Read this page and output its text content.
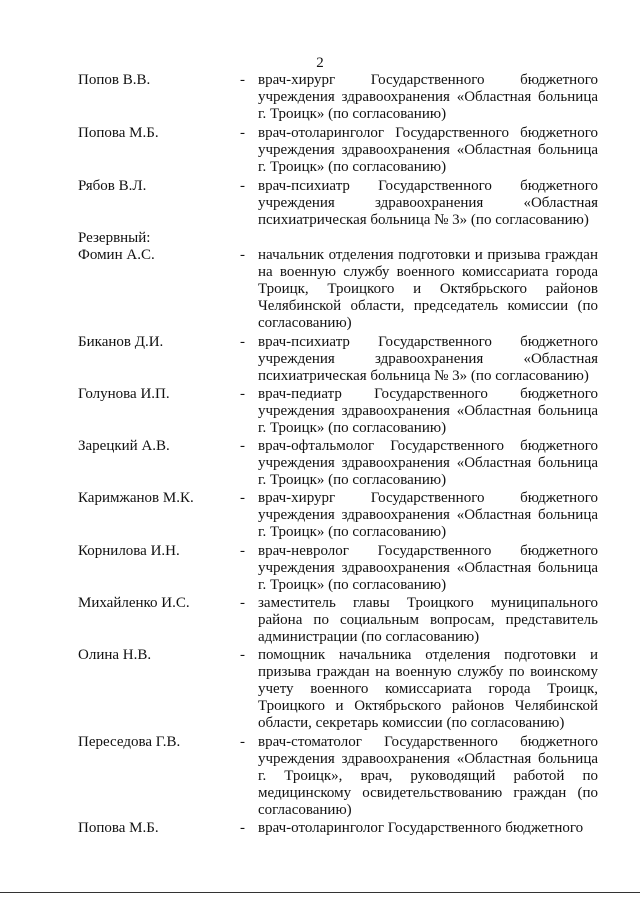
2
Попов В.В.	- врач-хирург Государственного бюджетного учреждения здравоохранения «Областная больница г. Троицк» (по согласованию)
Попова М.Б.	- врач-отоларинголог Государственного бюджетного учреждения здравоохранения «Областная больница г. Троицк» (по согласованию)
Рябов В.Л.	- врач-психиатр Государственного бюджетного учреждения здравоохранения «Областная психиатрическая больница № 3» (по согласованию)
Резервный:
Фомин А.С.	- начальник отделения подготовки и призыва граждан на военную службу военного комиссариата города Троицк, Троицкого и Октябрьского районов Челябинской области, председатель комиссии (по согласованию)
Биканов Д.И.	- врач-психиатр Государственного бюджетного учреждения здравоохранения «Областная психиатрическая больница № 3» (по согласованию)
Голунова И.П.	- врач-педиатр Государственного бюджетного учреждения здравоохранения «Областная больница г. Троицк» (по согласованию)
Зарецкий А.В.	- врач-офтальмолог Государственного бюджетного учреждения здравоохранения «Областная больница г. Троицк» (по согласованию)
Каримжанов М.К.	- врач-хирург Государственного бюджетного учреждения здравоохранения «Областная больница г. Троицк» (по согласованию)
Корнилова И.Н.	- врач-невролог Государственного бюджетного учреждения здравоохранения «Областная больница г. Троицк» (по согласованию)
Михайленко И.С.	- заместитель главы Троицкого муниципального района по социальным вопросам, представитель администрации (по согласованию)
Олина Н.В.	- помощник начальника отделения подготовки и призыва граждан на военную службу по воинскому учету военного комиссариата города Троицк, Троицкого и Октябрьского районов Челябинской области, секретарь комиссии (по согласованию)
Переседова Г.В.	- врач-стоматолог Государственного бюджетного учреждения здравоохранения «Областная больница г. Троицк», врач, руководящий работой по медицинскому освидетельствованию граждан (по согласованию)
Попова М.Б.	- врач-отоларинголог Государственного бюджетного
